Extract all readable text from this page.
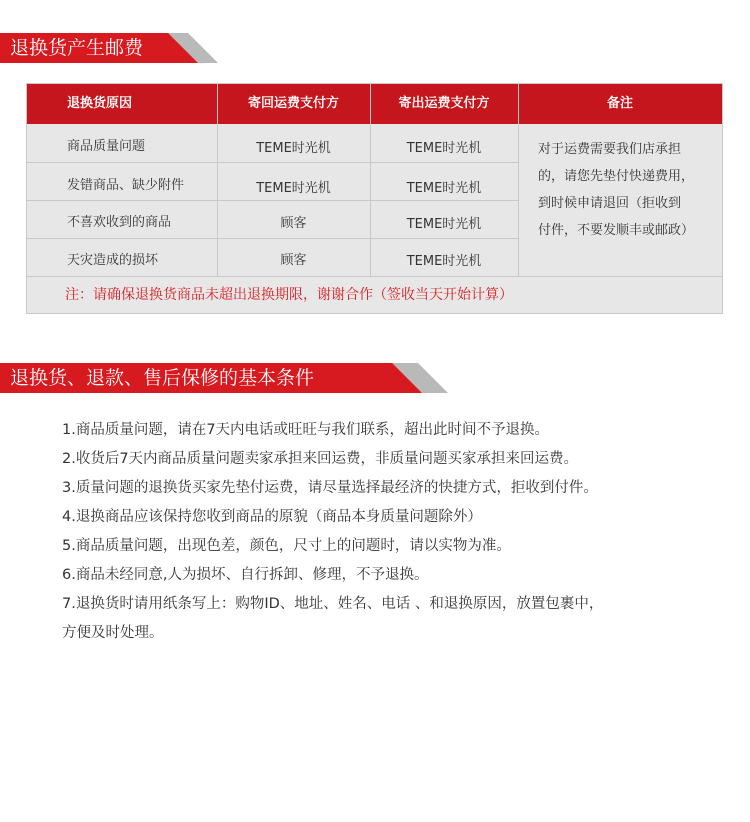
退换货产生邮费
退换货原因	寄回运费支付方	寄出运费支付方	备注
商品质量问题	TEME时光机	TEME时光机
发错商品、缺少附件	TEME时光机	TEME时光机
不喜欢收到的商品	顾客	TEME时光机
天灾造成的损坏	顾客	TEME时光机
对于运费需要我们店承担
的，请您先垫付快递费用，
到时候申请退回（拒收到
付件，不要发顺丰或邮政）
注：请确保退换货商品未超出退换期限，谢谢合作（签收当天开始计算）
退换货、退款、售后保修的基本条件
1.商品质量问题，请在7天内电话或旺旺与我们联系，超出此时间不予退换。
2.收货后7天内商品质量问题卖家承担来回运费，非质量问题买家承担来回运费。
3.质量问题的退换货买家先垫付运费，请尽量选择最经济的快捷方式，拒收到付件。
4.退换商品应该保持您收到商品的原貌（商品本身质量问题除外）
5.商品质量问题，出现色差，颜色，尺寸上的问题时，请以实物为准。
6.商品未经同意,人为损坏、自行拆卸、修理，不予退换。
7.退换货时请用纸条写上：购物ID、地址、姓名、电话 、和退换原因，放置包裹中，
方便及时处理。
